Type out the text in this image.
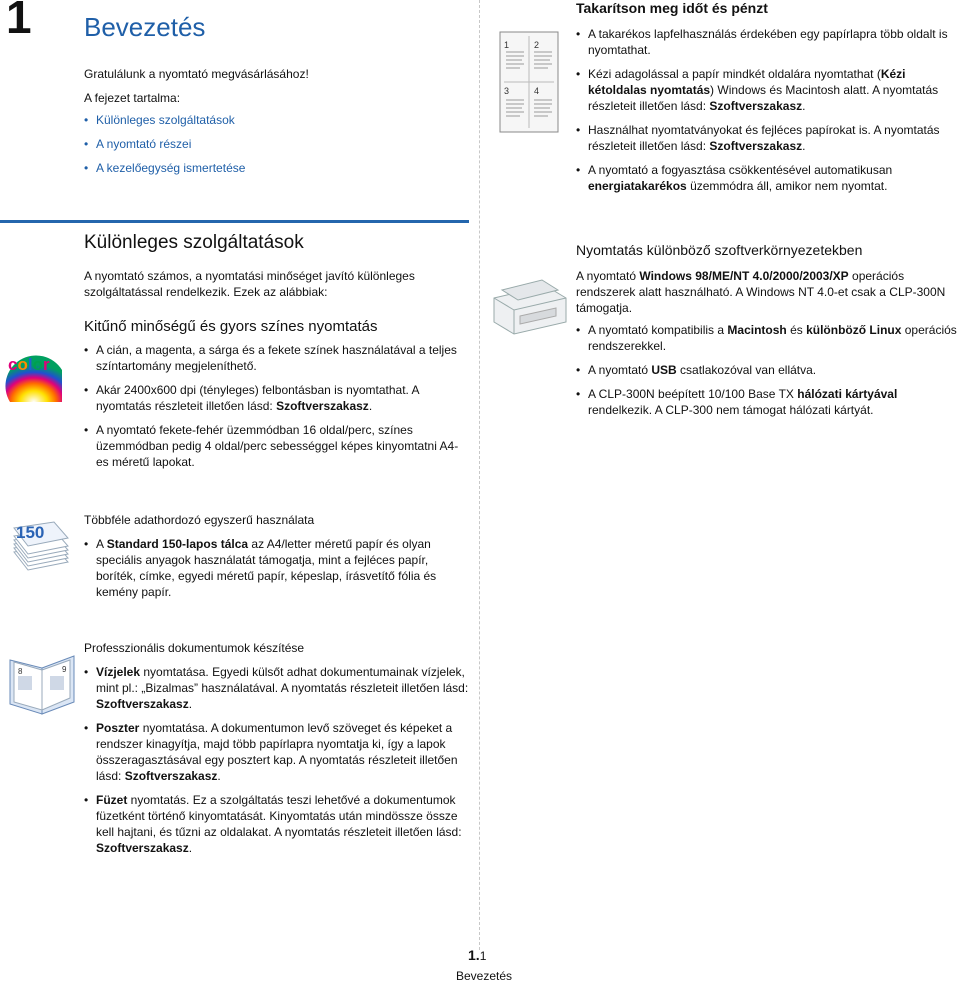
1 Bevezetés
Gratulálunk a nyomtató megvásárlásához!
A fejezet tartalma:
• Különleges szolgáltatások
• A nyomtató részei
• A kezelőegység ismertetése
1	2
3	4
Takarítson meg időt és pénzt
• A takarékos lapfelhasználás érdekében egy papírlapra több oldalt is nyomtathat.
• Kézi adagolással a papír mindkét oldalára nyomtathat (Kézi kétoldalas nyomtatás) Windows és Macintosh alatt. A nyomtatás részleteit illetően lásd: Szoftverszakasz.
• Használhat nyomtatványokat és fejléces papírokat is. A nyomtatás részleteit illetően lásd: Szoftverszakasz.
• A nyomtató a fogyasztása csökkentésével automatikusan energiatakarékos üzemmódra áll, amikor nem nyomtat.
Különleges szolgáltatások
A nyomtató számos, a nyomtatási minőséget javító különleges szolgáltatással rendelkezik. Ezek az alábbiak:
Kitűnő minőségű és gyors színes nyomtatás
color
• A cián, a magenta, a sárga és a fekete színek használatával a teljes színtartomány megjeleníthető.
• Akár 2400x600 dpi (tényleges) felbontásban is nyomtathat. A nyomtatás részleteit illetően lásd: Szoftverszakasz.
• A nyomtató fekete-fehér üzemmódban 16 oldal/perc, színes üzemmódban pedig 4 oldal/perc sebességgel képes kinyomtatni A4-es méretű lapokat.
150
Többféle adathordozó egyszerű használata
• A Standard 150-lapos tálca az A4/letter méretű papír és olyan speciális anyagok használatát támogatja, mint a fejléces papír, boríték, címke, egyedi méretű papír, képeslap, írásvetítő fólia és kemény papír.
8	9
Professzionális dokumentumok készítése
• Vízjelek nyomtatása. Egyedi külsőt adhat dokumentumainak vízjelek, mint pl.: „Bizalmas” használatával. A nyomtatás részleteit illetően lásd: Szoftverszakasz.
• Poszter nyomtatása. A dokumentumon levő szöveget és képeket a rendszer kinagyítja, majd több papírlapra nyomtatja ki, így a lapok összeragasztásával egy posztert kap. A nyomtatás részleteit illetően lásd: Szoftverszakasz.
• Füzet nyomtatás. Ez a szolgáltatás teszi lehetővé a dokumentumok füzetként történő kinyomtatását. Kinyomtatás után mindössze össze kell hajtani, és tűzni az oldalakat. A nyomtatás részleteit illetően lásd: Szoftverszakasz.
Nyomtatás különböző szoftverkörnyezetekben
A nyomtató Windows 98/ME/NT 4.0/2000/2003/XP operációs rendszerek alatt használható. A Windows NT 4.0-et csak a CLP-300N támogatja.
• A nyomtató kompatibilis a Macintosh és különböző Linux operációs rendszerekkel.
• A nyomtató USB csatlakozóval van ellátva.
• A CLP-300N beépített 10/100 Base TX hálózati kártyával rendelkezik. A CLP-300 nem támogat hálózati kártyát.
1.1
Bevezetés
